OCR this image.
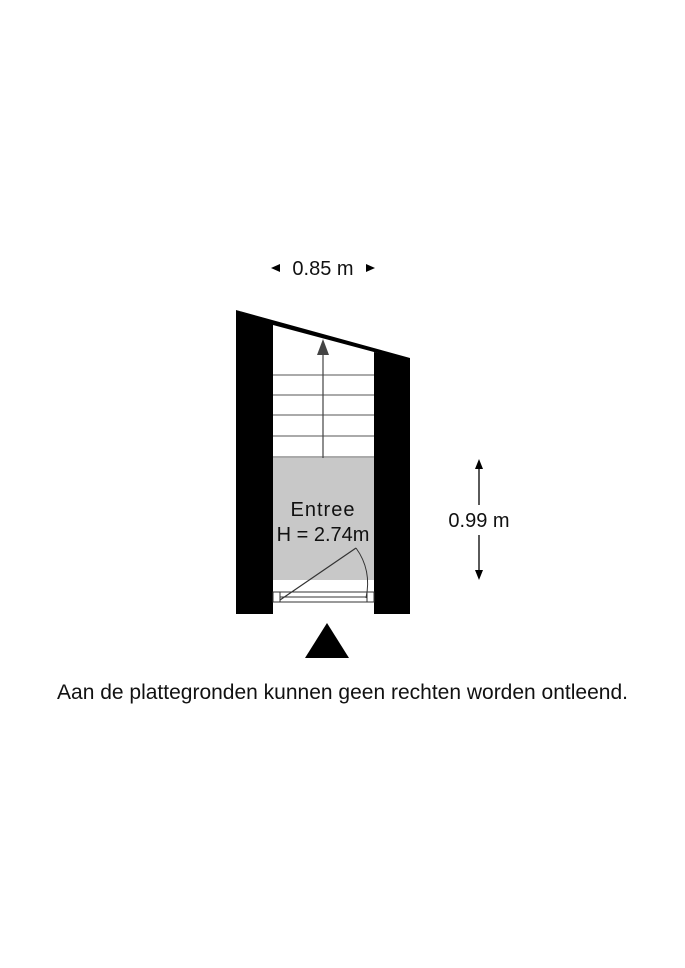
0.85 m
Entree
H = 2.74m
0.99 m
Aan de plattegronden kunnen geen rechten worden ontleend.
